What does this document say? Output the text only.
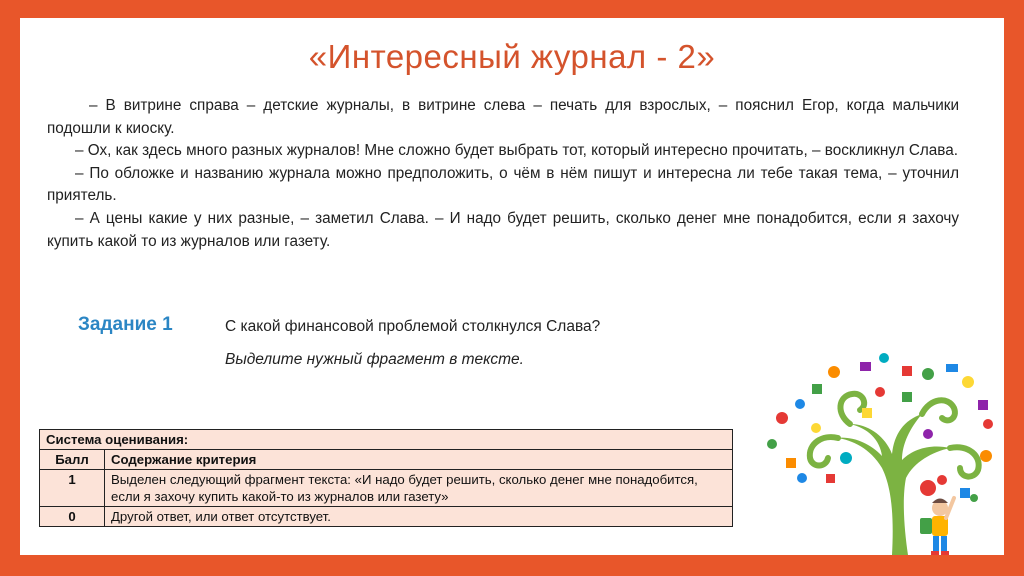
«Интересный журнал - 2»

– В витрине справа – детские журналы, в витрине слева – печать для взрослых, – пояснил Егор, когда мальчики подошли к киоску.

– Ох, как здесь много разных журналов! Мне сложно будет выбрать тот, который интересно прочитать, – воскликнул Слава.

– По обложке и названию журнала можно предположить, о чём в нём пишут и интересна ли тебе такая тема, – уточнил приятель.

– А цены какие у них разные, – заметил Слава. – И надо будет решить, сколько денег мне понадобится, если я захочу купить какой то из журналов или газету.

Задание 1	С какой финансовой проблемой столкнулся Слава?
Выделите нужный фрагмент в тексте.
Система оценивания:	
Балл	Содержание критерия
1	Выделен следующий фрагмент текста: «И надо будет решить, сколько денег мне понадобится, если я захочу купить какой-то из журналов или газету»
0	Другой ответ, или ответ отсутствует.
